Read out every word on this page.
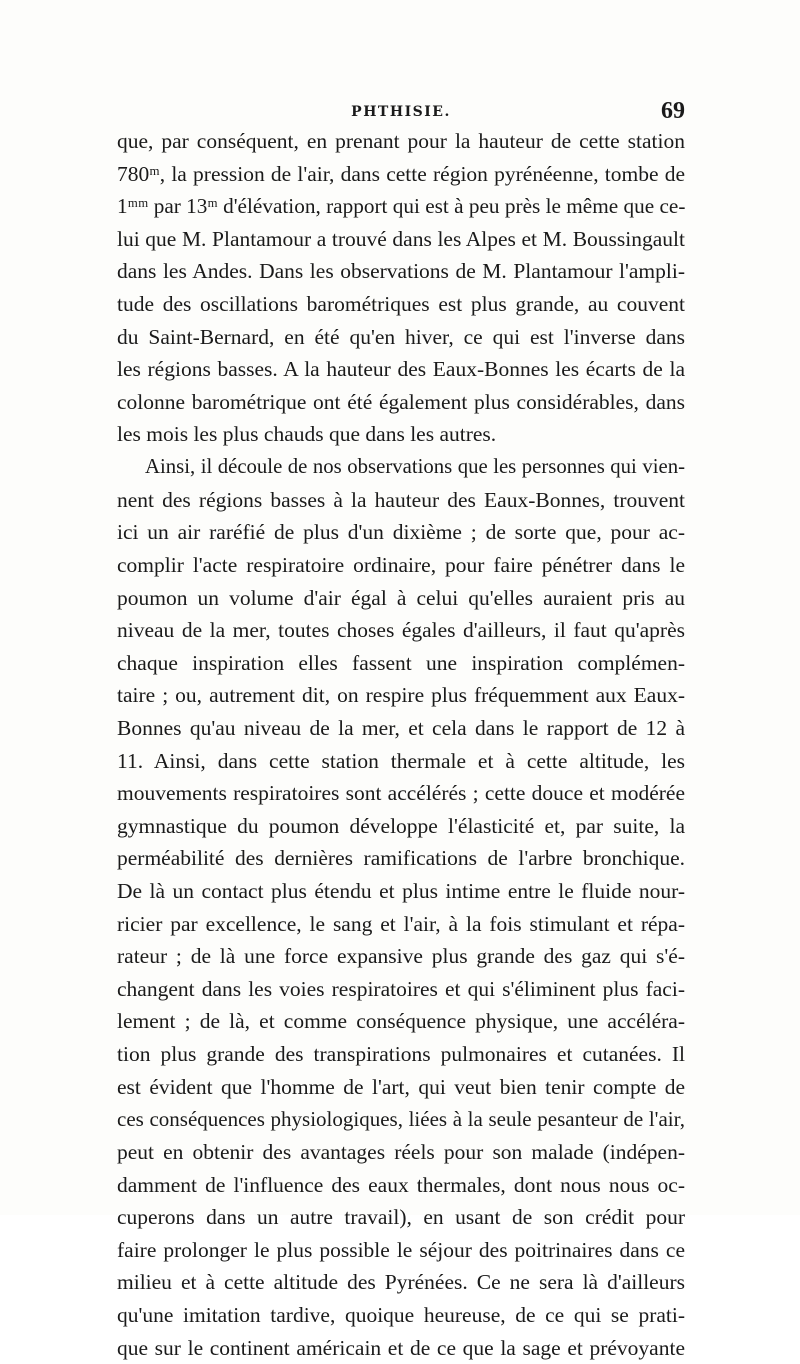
PHTHISIE.	69
que, par conséquent, en prenant pour la hauteur de cette station
780ᵐ, la pression de l'air, dans cette région pyrénéenne, tombe de
1ᵐᵐ par 13ᵐ d'élévation, rapport qui est à peu près le même que ce-
lui que M. Plantamour a trouvé dans les Alpes et M. Boussingault
dans les Andes. Dans les observations de M. Plantamour l'ampli-
tude des oscillations barométriques est plus grande, au couvent
du Saint-Bernard, en été qu'en hiver, ce qui est l'inverse dans
les régions basses. A la hauteur des Eaux-Bonnes les écarts de la
colonne barométrique ont été également plus considérables, dans
les mois les plus chauds que dans les autres.
Ainsi, il découle de nos observations que les personnes qui vien-
nent des régions basses à la hauteur des Eaux-Bonnes, trouvent
ici un air raréfié de plus d'un dixième ; de sorte que, pour ac-
complir l'acte respiratoire ordinaire, pour faire pénétrer dans le
poumon un volume d'air égal à celui qu'elles auraient pris au
niveau de la mer, toutes choses égales d'ailleurs, il faut qu'après
chaque inspiration elles fassent une inspiration complémen-
taire ; ou, autrement dit, on respire plus fréquemment aux Eaux-
Bonnes qu'au niveau de la mer, et cela dans le rapport de 12 à
11. Ainsi, dans cette station thermale et à cette altitude, les
mouvements respiratoires sont accélérés ; cette douce et modérée
gymnastique du poumon développe l'élasticité et, par suite, la
perméabilité des dernières ramifications de l'arbre bronchique.
De là un contact plus étendu et plus intime entre le fluide nour-
ricier par excellence, le sang et l'air, à la fois stimulant et répa-
rateur ; de là une force expansive plus grande des gaz qui s'é-
changent dans les voies respiratoires et qui s'éliminent plus faci-
lement ; de là, et comme conséquence physique, une accéléra-
tion plus grande des transpirations pulmonaires et cutanées. Il
est évident que l'homme de l'art, qui veut bien tenir compte de
ces conséquences physiologiques, liées à la seule pesanteur de l'air,
peut en obtenir des avantages réels pour son malade (indépen-
damment de l'influence des eaux thermales, dont nous nous oc-
cuperons dans un autre travail), en usant de son crédit pour
faire prolonger le plus possible le séjour des poitrinaires dans ce
milieu et à cette altitude des Pyrénées. Ce ne sera là d'ailleurs
qu'une imitation tardive, quoique heureuse, de ce qui se prati-
que sur le continent américain et de ce que la sage et prévoyante
